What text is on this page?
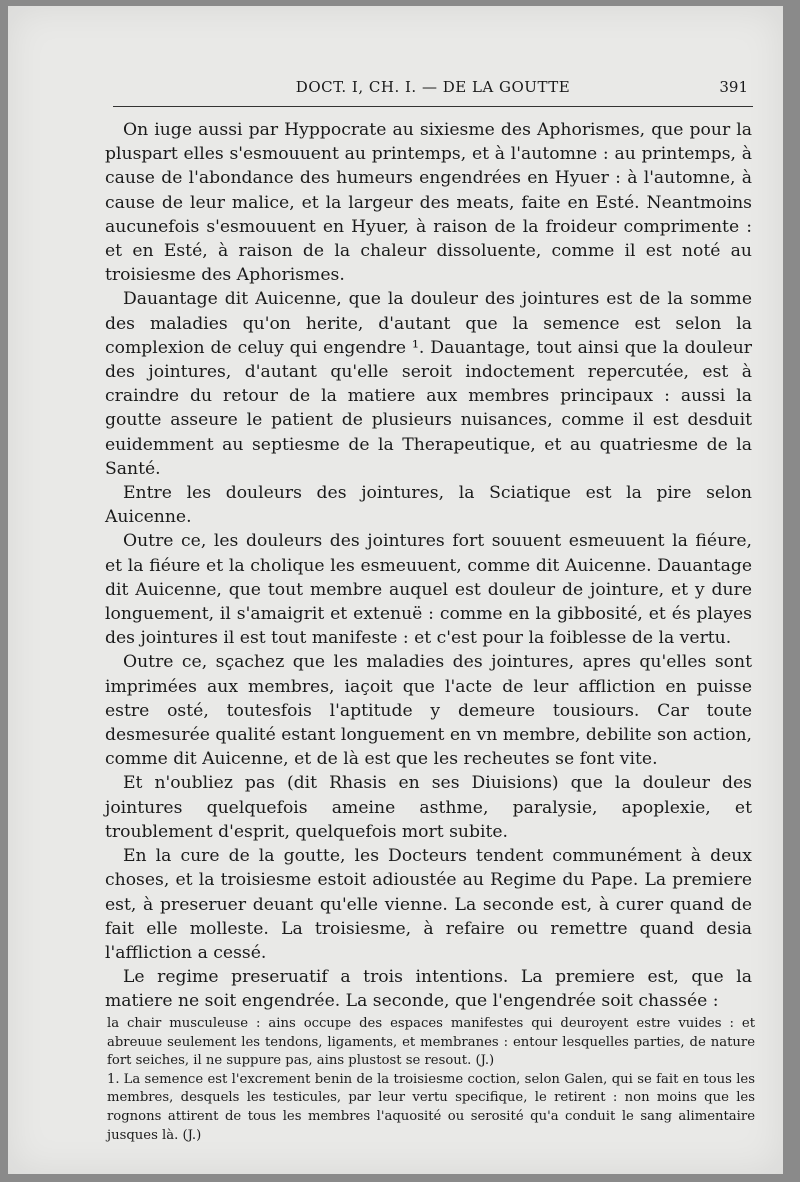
DOCT. I, CH. I. — DE LA GOUTTE	391

On iuge aussi par Hyppocrate au sixiesme des Aphorismes, que pour la pluspart elles s'esmouuent au printemps, et à l'automne : au printemps, à cause de l'abondance des humeurs engendrées en Hyuer : à l'automne, à cause de leur malice, et la largeur des meats, faite en Esté. Neantmoins aucunefois s'esmouuent en Hyuer, à raison de la froideur comprimente : et en Esté, à raison de la chaleur dissoluente, comme il est noté au troisiesme des Aphorismes.

Dauantage dit Auicenne, que la douleur des jointures est de la somme des maladies qu'on herite, d'autant que la semence est selon la complexion de celuy qui engendre ¹. Dauantage, tout ainsi que la douleur des jointures, d'autant qu'elle seroit indoctement repercutée, est à craindre du retour de la matiere aux membres principaux : aussi la goutte asseure le patient de plusieurs nuisances, comme il est desduit euidemment au septiesme de la Therapeutique, et au quatriesme de la Santé.

Entre les douleurs des jointures, la Sciatique est la pire selon Auicenne.

Outre ce, les douleurs des jointures fort souuent esmeuuent la fiéure, et la fiéure et la cholique les esmeuuent, comme dit Auicenne. Dauantage dit Auicenne, que tout membre auquel est douleur de jointure, et y dure longuement, il s'amaigrit et extenuë : comme en la gibbosité, et és playes des jointures il est tout manifeste : et c'est pour la foiblesse de la vertu.

Outre ce, sçachez que les maladies des jointures, apres qu'elles sont imprimées aux membres, iaçoit que l'acte de leur affliction en puisse estre osté, toutesfois l'aptitude y demeure tousiours. Car toute desmesurée qualité estant longuement en vn membre, debilite son action, comme dit Auicenne, et de là est que les recheutes se font vite.

Et n'oubliez pas (dit Rhasis en ses Diuisions) que la douleur des jointures quelquefois ameine asthme, paralysie, apoplexie, et troublement d'esprit, quelquefois mort subite.

En la cure de la goutte, les Docteurs tendent communément à deux choses, et la troisiesme estoit adioustée au Regime du Pape. La premiere est, à preseruer deuant qu'elle vienne. La seconde est, à curer quand de fait elle molleste. La troisiesme, à refaire ou remettre quand desia l'affliction a cessé.

Le regime preseruatif a trois intentions. La premiere est, que la matiere ne soit engendrée. La seconde, que l'engendrée soit chassée :

la chair musculeuse : ains occupe des espaces manifestes qui deuroyent estre vuides : et abreuue seulement les tendons, ligaments, et membranes : entour lesquelles parties, de nature fort seiches, il ne suppure pas, ains plustost se resout. (J.)

1. La semence est l'excrement benin de la troisiesme coction, selon Galen, qui se fait en tous les membres, desquels les testicules, par leur vertu specifique, le retirent : non moins que les rognons attirent de tous les membres l'aquosité ou serosité qu'a conduit le sang alimentaire jusques là. (J.)
